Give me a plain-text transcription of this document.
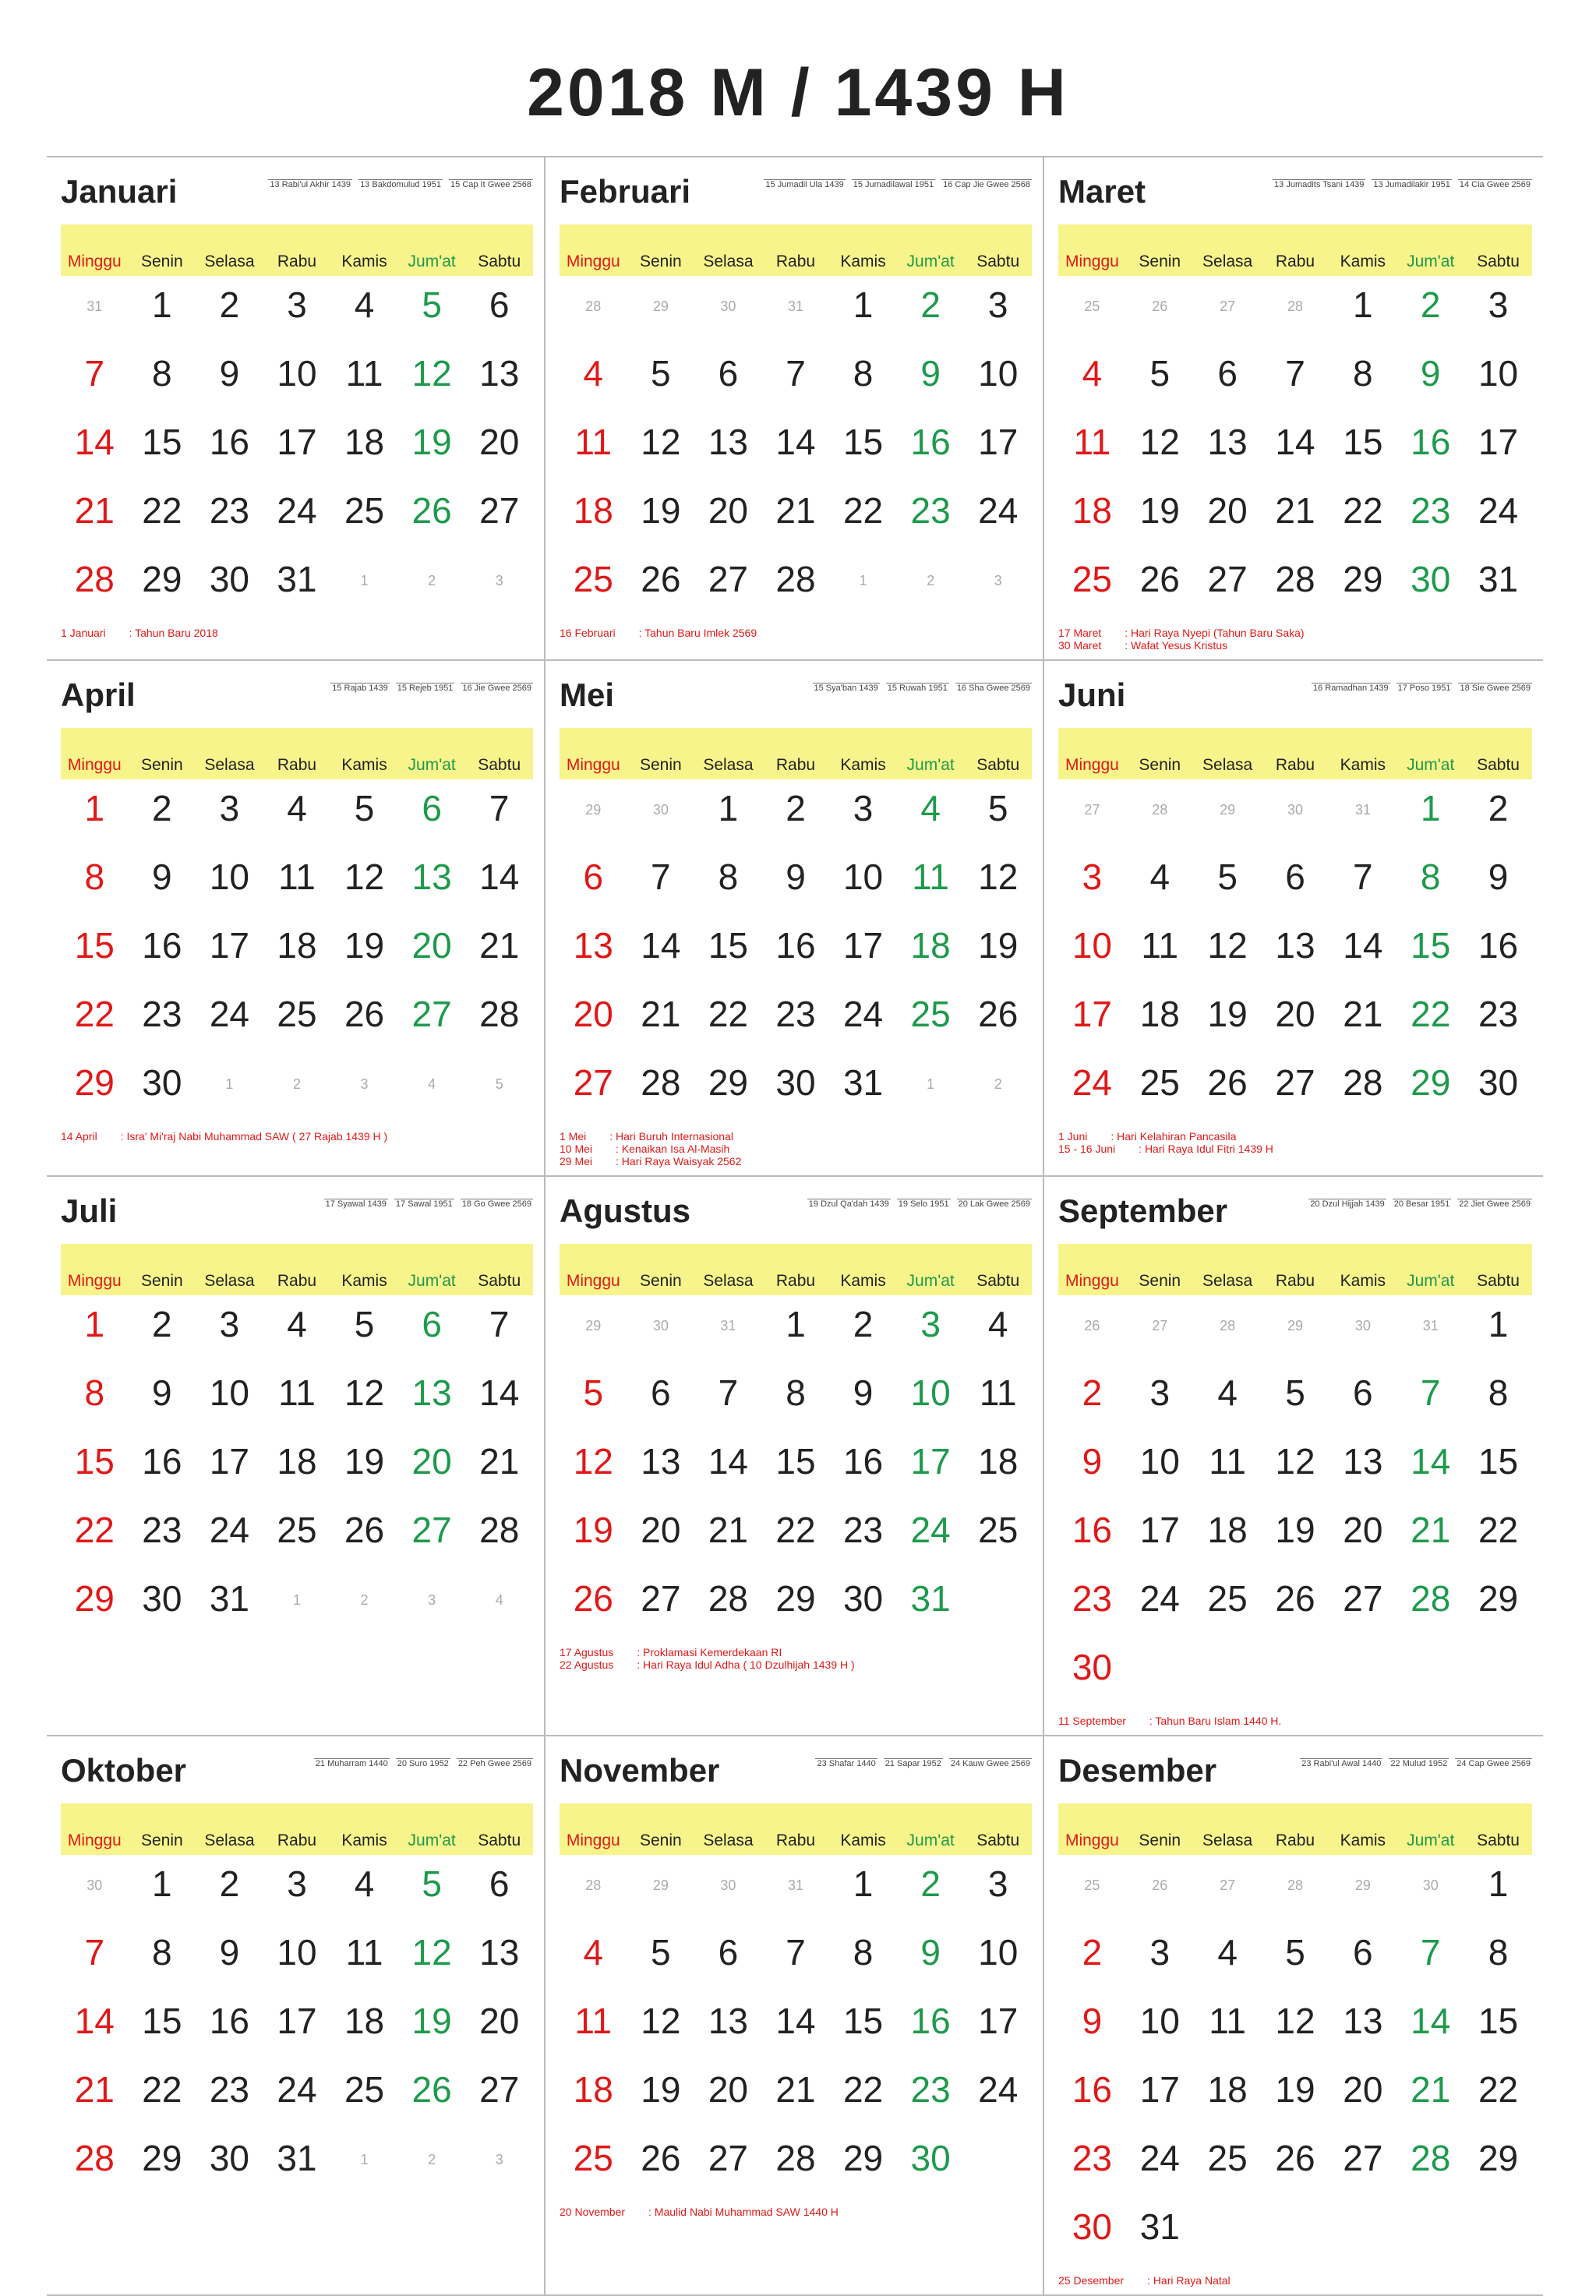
2018 M / 1439 H
Januari	13 Rabi'ul Akhir 1439 13 Bakdomulud 1951 15 Cap It Gwee 2568
Minggu	Senin	Selasa	Rabu	Kamis	Jum'at	Sabtu
31	1	2	3	4	5	6
7	8	9	10 11 12 13
14 15 16 17 18 19 20
21 22 23 24 25 26 27
28 29 30 31	1	2	3
1 Januari : Tahun Baru 2018
Februari	15 Jumadil Ula 1439 15 Jumadilawal 1951 16 Cap Jie Gwee 2568
Minggu	Senin	Selasa	Rabu	Kamis	Jum'at	Sabtu
28	29	30	31	1	2	3
4	5	6	7	8	9	10
11 12 13 14 15 16 17
18 19 20 21 22 23 24
25 26 27 28	1	2	3
16 Februari : Tahun Baru Imlek 2569
Maret	13 Jumadits Tsani 1439 13 Jumadilakir 1951 14 Cia Gwee 2569
Minggu	Senin	Selasa	Rabu	Kamis	Jum'at	Sabtu
25	26	27	28	1	2	3
4	5	6	7	8	9	10
11 12 13 14 15 16 17
18 19 20 21 22 23 24
25 26 27 28 29 30 31
17 Maret : Hari Raya Nyepi (Tahun Baru Saka)
30 Maret : Wafat Yesus Kristus
April	15 Rajab 1439 15 Rejeb 1951 16 Jie Gwee 2569
Minggu	Senin	Selasa	Rabu	Kamis	Jum'at	Sabtu
1	2	3	4	5	6	7
8	9	10 11 12 13 14
15 16 17 18 19 20 21
22 23 24 25 26 27 28
29 30	1	2	3	4	5
14 April : Isra' Mi'raj Nabi Muhammad SAW ( 27 Rajab 1439 H )
Mei	15 Sya'ban 1439 15 Ruwah 1951 16 Sha Gwee 2569
Minggu	Senin	Selasa	Rabu	Kamis	Jum'at	Sabtu
29	30	1	2	3	4	5
6	7	8	9	10 11 12
13 14 15 16 17 18 19
20 21 22 23 24 25 26
27 28 29 30 31	1	2
1 Mei : Hari Buruh Internasional
10 Mei : Kenaikan Isa Al-Masih
29 Mei : Hari Raya Waisyak 2562
Juni	16 Ramadhan 1439 17 Poso 1951 18 Sie Gwee 2569
Minggu	Senin	Selasa	Rabu	Kamis	Jum'at	Sabtu
27	28	29	30	31	1	2
3	4	5	6	7	8	9
10 11 12 13 14 15 16
17 18 19 20 21 22 23
24 25 26 27 28 29 30
1 Juni : Hari Kelahiran Pancasila
15 - 16 Juni : Hari Raya Idul Fitri 1439 H
Juli	17 Syawal 1439 17 Sawal 1951 18 Go Gwee 2569
Minggu	Senin	Selasa	Rabu	Kamis	Jum'at	Sabtu
1	2	3	4	5	6	7
8	9	10 11 12 13 14
15 16 17 18 19 20 21
22 23 24 25 26 27 28
29 30 31	1	2	3	4
Agustus	19 Dzul Qa'dah 1439 19 Selo 1951 20 Lak Gwee 2569
Minggu	Senin	Selasa	Rabu	Kamis	Jum'at	Sabtu
29	30	31	1	2	3	4
5	6	7	8	9	10 11
12 13 14 15 16 17 18
19 20 21 22 23 24 25
26 27 28 29 30 31
17 Agustus : Proklamasi Kemerdekaan RI
22 Agustus : Hari Raya Idul Adha ( 10 Dzulhijah 1439 H )
September	20 Dzul Hijjah 1439 20 Besar 1951 22 Jiet Gwee 2569
Minggu	Senin	Selasa	Rabu	Kamis	Jum'at	Sabtu
26	27	28	29	30	31	1
2	3	4	5	6	7	8
9	10 11 12 13 14 15
16 17 18 19 20 21 22
23 24 25 26 27 28 29
30
11 September : Tahun Baru Islam 1440 H.
Oktober	21 Muharram 1440 20 Suro 1952 22 Peh Gwee 2569
Minggu	Senin	Selasa	Rabu	Kamis	Jum'at	Sabtu
30	1	2	3	4	5	6
7	8	9	10 11 12 13
14 15 16 17 18 19 20
21 22 23 24 25 26 27
28 29 30 31	1	2	3
November	23 Shafar 1440 21 Sapar 1952 24 Kauw Gwee 2569
Minggu	Senin	Selasa	Rabu	Kamis	Jum'at	Sabtu
28	29	30	31	1	2	3
4	5	6	7	8	9	10
11 12 13 14 15 16 17
18 19 20 21 22 23 24
25 26 27 28 29 30
20 November : Maulid Nabi Muhammad SAW 1440 H
Desember	23 Rabi'ul Awal 1440 22 Mulud 1952 24 Cap Gwee 2569
Minggu	Senin	Selasa	Rabu	Kamis	Jum'at	Sabtu
25	26	27	28	29	30	1
2	3	4	5	6	7	8
9	10 11 12 13 14 15
16 17 18 19 20 21 22
23 24 25 26 27 28 29
30 31
25 Desember : Hari Raya Natal
